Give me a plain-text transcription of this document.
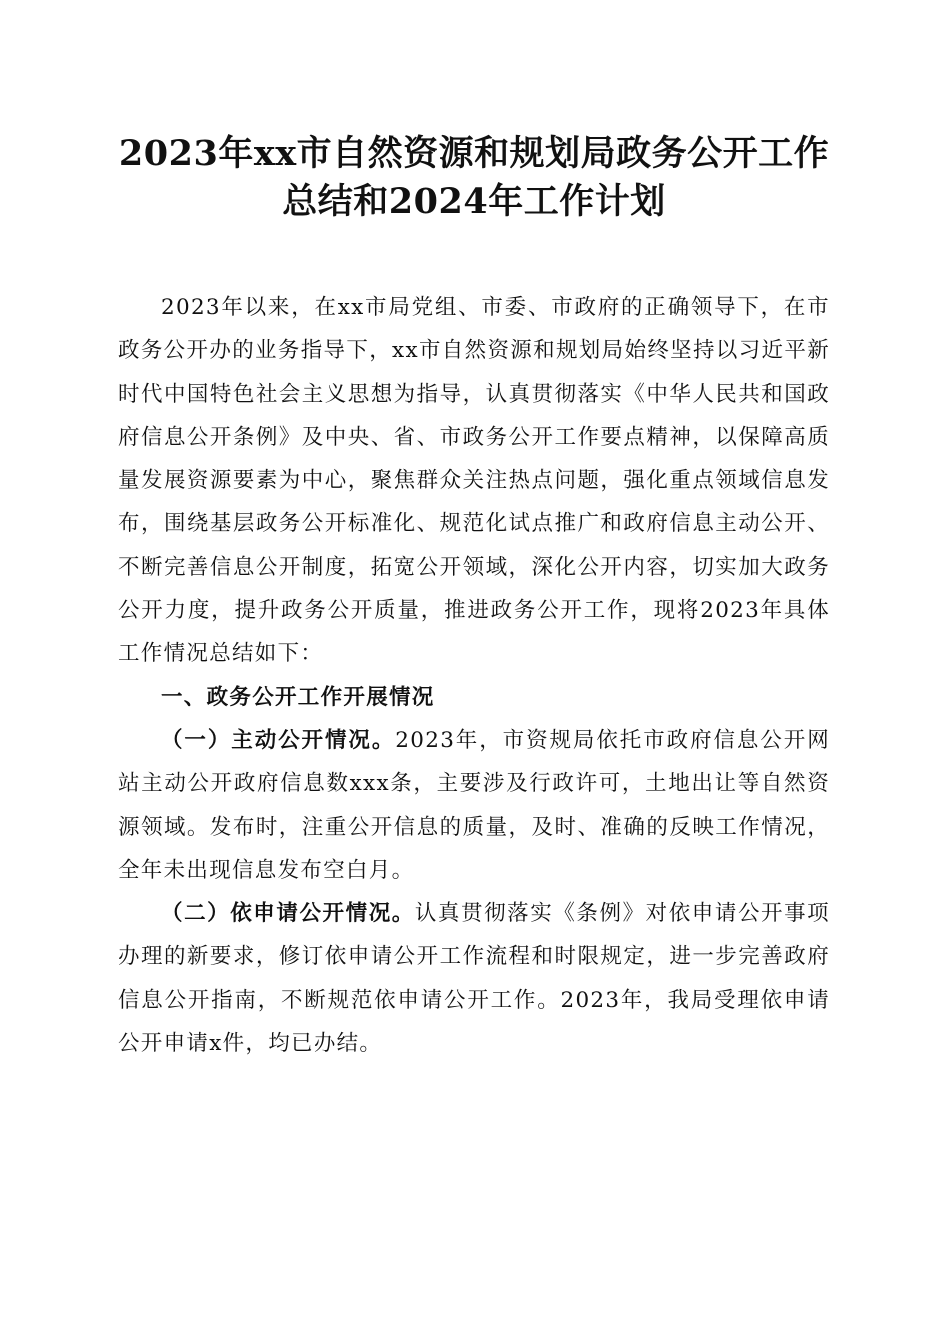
2023年xx市自然资源和规划局政务公开工作
总结和2024年工作计划

2023年以来，在xx市局党组、市委、市政府的正确领导下，在市政务公开办的业务指导下，xx市自然资源和规划局始终坚持以习近平新时代中国特色社会主义思想为指导，认真贯彻落实《中华人民共和国政府信息公开条例》及中央、省、市政务公开工作要点精神，以保障高质量发展资源要素为中心，聚焦群众关注热点问题，强化重点领域信息发布，围绕基层政务公开标准化、规范化试点推广和政府信息主动公开、不断完善信息公开制度，拓宽公开领域，深化公开内容，切实加大政务公开力度，提升政务公开质量，推进政务公开工作，现将2023年具体工作情况总结如下：

一、政务公开工作开展情况

（一）主动公开情况。2023年，市资规局依托市政府信息公开网站主动公开政府信息数xxx条，主要涉及行政许可，土地出让等自然资源领域。发布时，注重公开信息的质量，及时、准确的反映工作情况，全年未出现信息发布空白月。

（二）依申请公开情况。认真贯彻落实《条例》对依申请公开事项办理的新要求，修订依申请公开工作流程和时限规定，进一步完善政府信息公开指南，不断规范依申请公开工作。2023年，我局受理依申请公开申请x件，均已办结。
